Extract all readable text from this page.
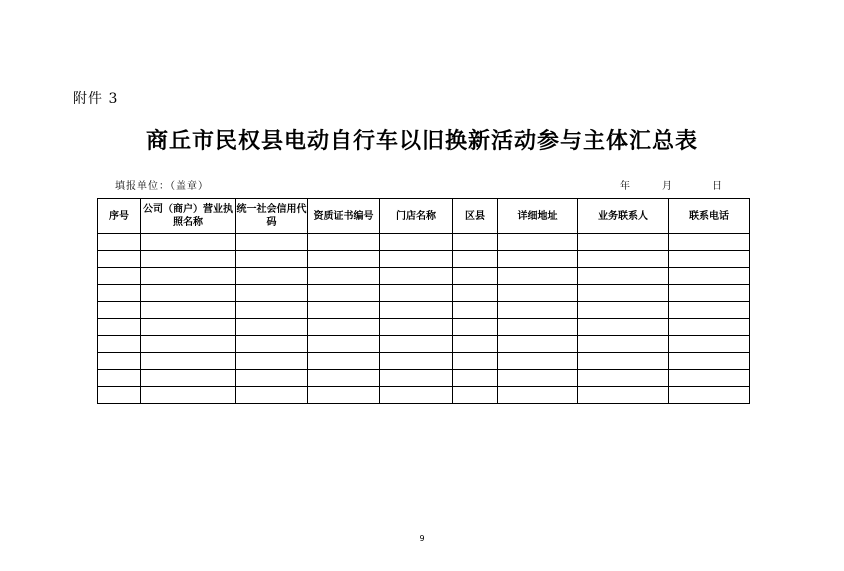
附件 3
商丘市民权县电动自行车以旧换新活动参与主体汇总表
填报单位：（盖章）	年	月	日
序号	公司（商户）营业执照名称	统一社会信用代码	资质证书编号	门店名称	区县	详细地址	业务联系人	联系电话

9
